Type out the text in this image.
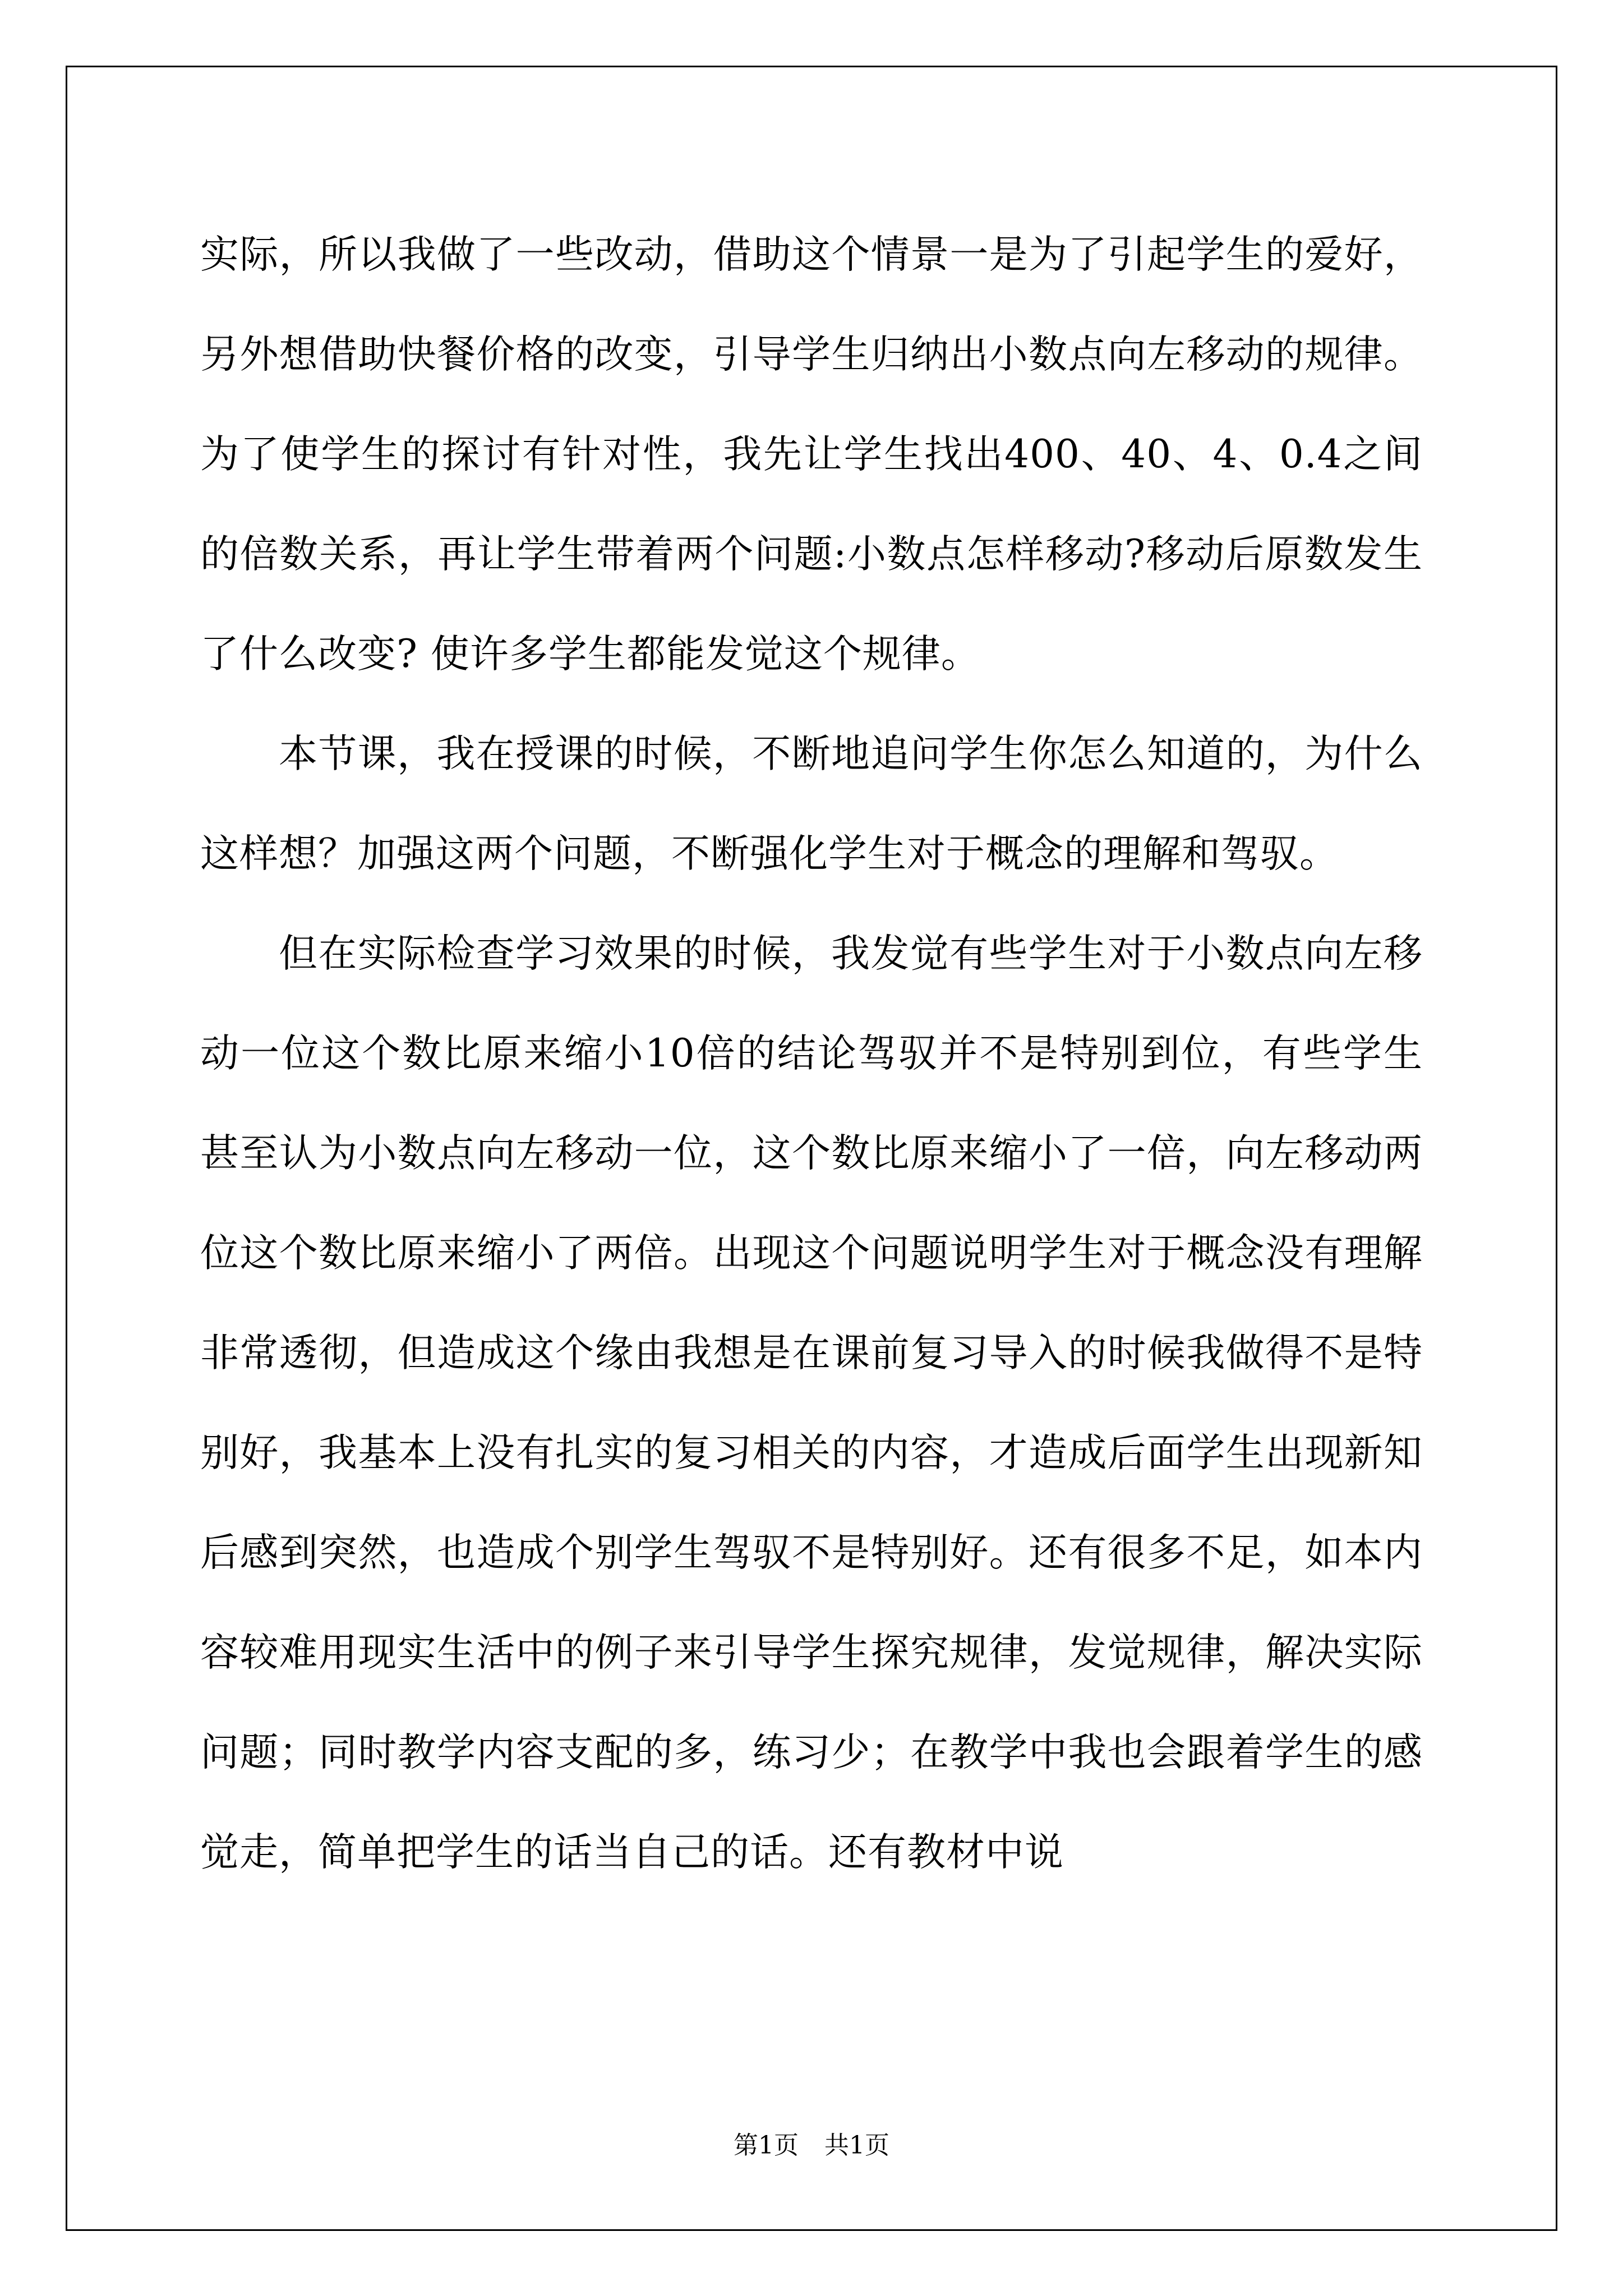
实际，所以我做了一些改动，借助这个情景一是为了引起学生的爱好，另外想借助快餐价格的改变，引导学生归纳出小数点向左移动的规律。为了使学生的探讨有针对性，我先让学生找出400、40、4、0.4之间的倍数关系，再让学生带着两个问题:小数点怎样移动?移动后原数发生了什么改变? 使许多学生都能发觉这个规律。

本节课，我在授课的时候，不断地追问学生你怎么知道的，为什么这样想？加强这两个问题，不断强化学生对于概念的理解和驾驭。

但在实际检查学习效果的时候，我发觉有些学生对于小数点向左移动一位这个数比原来缩小10倍的结论驾驭并不是特别到位，有些学生甚至认为小数点向左移动一位，这个数比原来缩小了一倍，向左移动两位这个数比原来缩小了两倍。出现这个问题说明学生对于概念没有理解非常透彻，但造成这个缘由我想是在课前复习导入的时候我做得不是特别好，我基本上没有扎实的复习相关的内容，才造成后面学生出现新知后感到突然，也造成个别学生驾驭不是特别好。还有很多不足，如本内容较难用现实生活中的例子来引导学生探究规律，发觉规律，解决实际问题；同时教学内容支配的多，练习少；在教学中我也会跟着学生的感觉走，简单把学生的话当自己的话。还有教材中说

第1页 共1页
